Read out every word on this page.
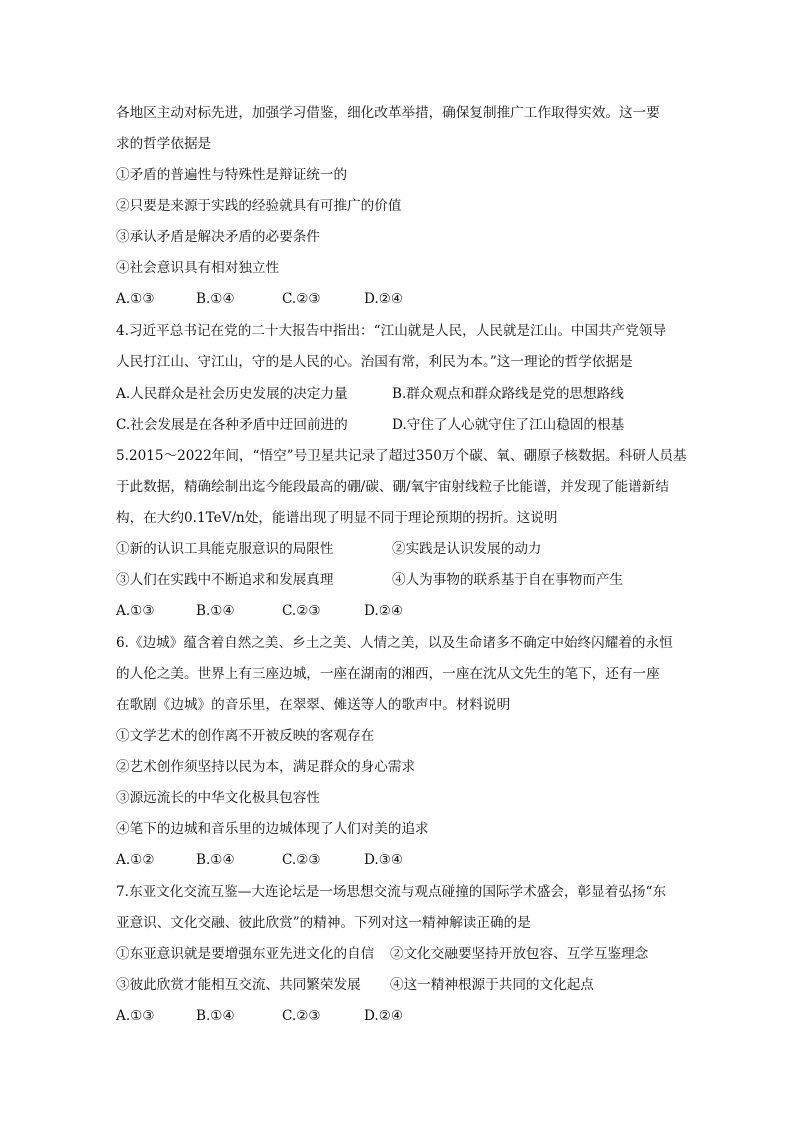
各地区主动对标先进，加强学习借鉴，细化改革举措，确保复制推广工作取得实效。这一要
求的哲学依据是
①矛盾的普遍性与特殊性是辩证统一的
②只要是来源于实践的经验就具有可推广的价值
③承认矛盾是解决矛盾的必要条件
④社会意识具有相对独立性
A.①③	B.①④	C.②③	D.②④
4.习近平总书记在党的二十大报告中指出：“江山就是人民，人民就是江山。中国共产党领导
人民打江山、守江山，守的是人民的心。治国有常，利民为本。”这一理论的哲学依据是
A.人民群众是社会历史发展的决定力量	B.群众观点和群众路线是党的思想路线
C.社会发展是在各种矛盾中迂回前进的	D.守住了人心就守住了江山稳固的根基
5.2015～2022年间，“悟空”号卫星共记录了超过350万个碳、氧、硼原子核数据。科研人员基
于此数据，精确绘制出迄今能段最高的硼/碳、硼/氧宇宙射线粒子比能谱，并发现了能谱新结
构，在大约0.1TeV/n处，能谱出现了明显不同于理论预期的拐折。这说明
①新的认识工具能克服意识的局限性	②实践是认识发展的动力
③人们在实践中不断追求和发展真理	④人为事物的联系基于自在事物而产生
A.①③	B.①④	C.②③	D.②④
6.《边城》蕴含着自然之美、乡土之美、人情之美，以及生命诸多不确定中始终闪耀着的永恒
的人伦之美。世界上有三座边城，一座在湖南的湘西，一座在沈从文先生的笔下，还有一座
在歌剧《边城》的音乐里，在翠翠、傩送等人的歌声中。材料说明
①文学艺术的创作离不开被反映的客观存在
②艺术创作须坚持以民为本，满足群众的身心需求
③源远流长的中华文化极具包容性
④笔下的边城和音乐里的边城体现了人们对美的追求
A.①②	B.①④	C.②③	D.③④
7.东亚文化交流互鉴—大连论坛是一场思想交流与观点碰撞的国际学术盛会，彰显着弘扬“东
亚意识、文化交融、彼此欣赏”的精神。下列对这一精神解读正确的是
①东亚意识就是要增强东亚先进文化的自信 ②文化交融要坚持开放包容、互学互鉴理念
③彼此欣赏才能相互交流、共同繁荣发展 ④这一精神根源于共同的文化起点
A.①③	B.①④	C.②③	D.②④
